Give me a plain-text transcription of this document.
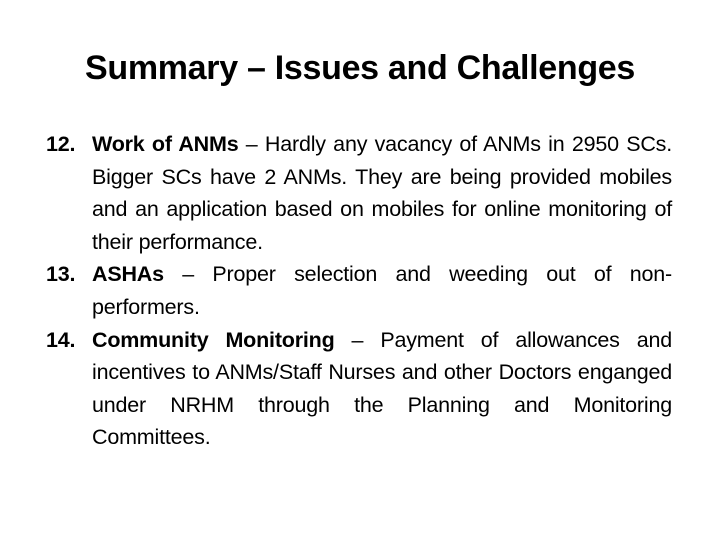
Summary – Issues and Challenges
12. Work of ANMs – Hardly any vacancy of ANMs in 2950 SCs. Bigger SCs have 2 ANMs. They are being provided mobiles and an application based on mobiles for online monitoring of their performance.
13. ASHAs – Proper selection and weeding out of non-performers.
14. Community Monitoring – Payment of allowances and incentives to ANMs/Staff Nurses and other Doctors enganged under NRHM through the Planning and Monitoring Committees.
